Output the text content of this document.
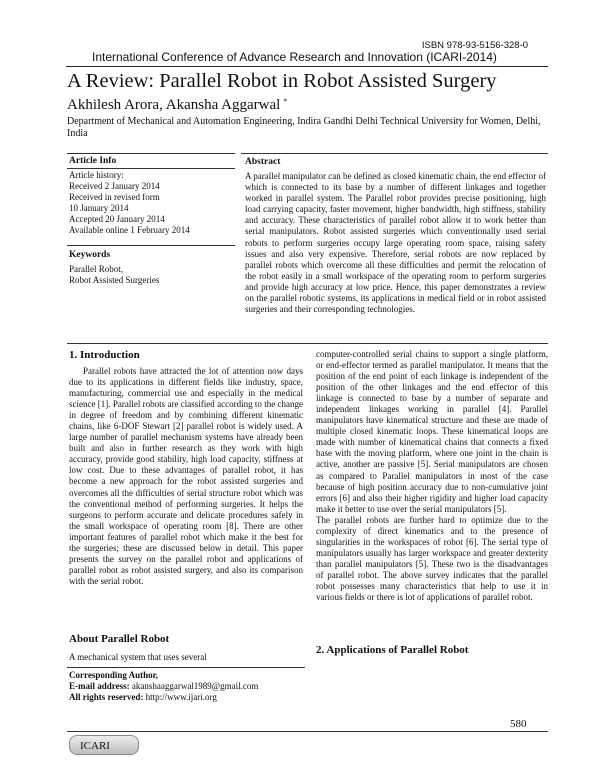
ISBN 978-93-5156-328-0
International Conference of Advance Research and Innovation (ICARI-2014)
A Review: Parallel Robot in Robot Assisted Surgery
Akhilesh Arora, Akansha Aggarwal *
Department of Mechanical and Automation Engineering, Indira Gandhi Delhi Technical University for Women, Delhi, India
Article Info
Article history:
Received 2 January 2014
Received in revised form
10 January 2014
Accepted 20 January 2014
Available online 1 February 2014
Keywords
Parallel Robot,
Robot Assisted Surgeries
Abstract
A parallel manipulator can be defined as closed kinematic chain, the end effector of which is connected to its base by a number of different linkages and together worked in parallel system. The Parallel robot provides precise positioning, high load carrying capacity, faster movement, higher bandwidth, high stiffness, stability and accuracy. These characteristics of parallel robot allow it to work better than serial manipulators. Robot assisted surgeries which conventionally used serial robots to perform surgeries occupy large operating room space, raising safety issues and also very expensive. Therefore, serial robots are now replaced by parallel robots which overcome all these difficulties and permit the relocation of the robot easily in a small workspace of the operating room to perform surgeries and provide high accuracy at low price. Hence, this paper demonstrates a review on the parallel robotic systems, its applications in medical field or in robot assisted surgeries and their corresponding technologies.
1. Introduction

Parallel robots have attracted the lot of attention now days due to its applications in different fields like industry, space, manufacturing, commercial use and especially in the medical science [1]. Parallel robots are classified according to the change in degree of freedom and by combining different kinematic chains, like 6-DOF Stewart [2] parallel robot is widely used. A large number of parallel mechanism systems have already been built and also in further research as they work with high accuracy, provide good stability, high load capacity, stiffness at low cost. Due to these advantages of parallel robot, it has become a new approach for the robot assisted surgeries and overcomes all the difficulties of serial structure robot which was the conventional method of performing surgeries. It helps the surgeons to perform accurate and delicate procedures safely in the small workspace of operating room [8]. There are other important features of parallel robot which make it the best for the surgeries; these are discussed below in detail. This paper presents the survey on the parallel robot and applications of parallel robot as robot assisted surgery, and also its comparison with the serial robot.

About Parallel Robot
A mechanical system that uses several
Corresponding Author,
E-mail address: akanshaaggarwal1989@gmail.com
All rights reserved: http://www.ijari.org

computer-controlled serial chains to support a single platform, or end-effector termed as parallel manipulator. It means that the position of the end point of each linkage is independent of the position of the other linkages and the end effector of this linkage is connected to base by a number of separate and independent linkages working in parallel [4]. Parallel manipulators have kinematical structure and these are made of multiple closed kinematic loops. These kinematical loops are made with number of kinematical chains that connects a fixed base with the moving platform, where one joint in the chain is active, another are passive [5]. Serial manipulators are chosen as compared to Parallel manipulators in most of the case because of high position accuracy due to non-cumulative joint errors [6] and also their higher rigidity and higher load capacity make it better to use over the serial manipulators [5].

The parallel robots are further hard to optimize due to the complexity of direct kinematics and to the presence of singularities in the workspaces of robot [6]. The serial type of manipulators usually has larger workspace and greater dexterity than parallel manipulators [5]. These two is the disadvantages of parallel robot. The above survey indicates that the parallel robot possesses many characteristics that help to use it in various fields or there is lot of applications of parallel robot.

2. Applications of Parallel Robot
580
ICARI
